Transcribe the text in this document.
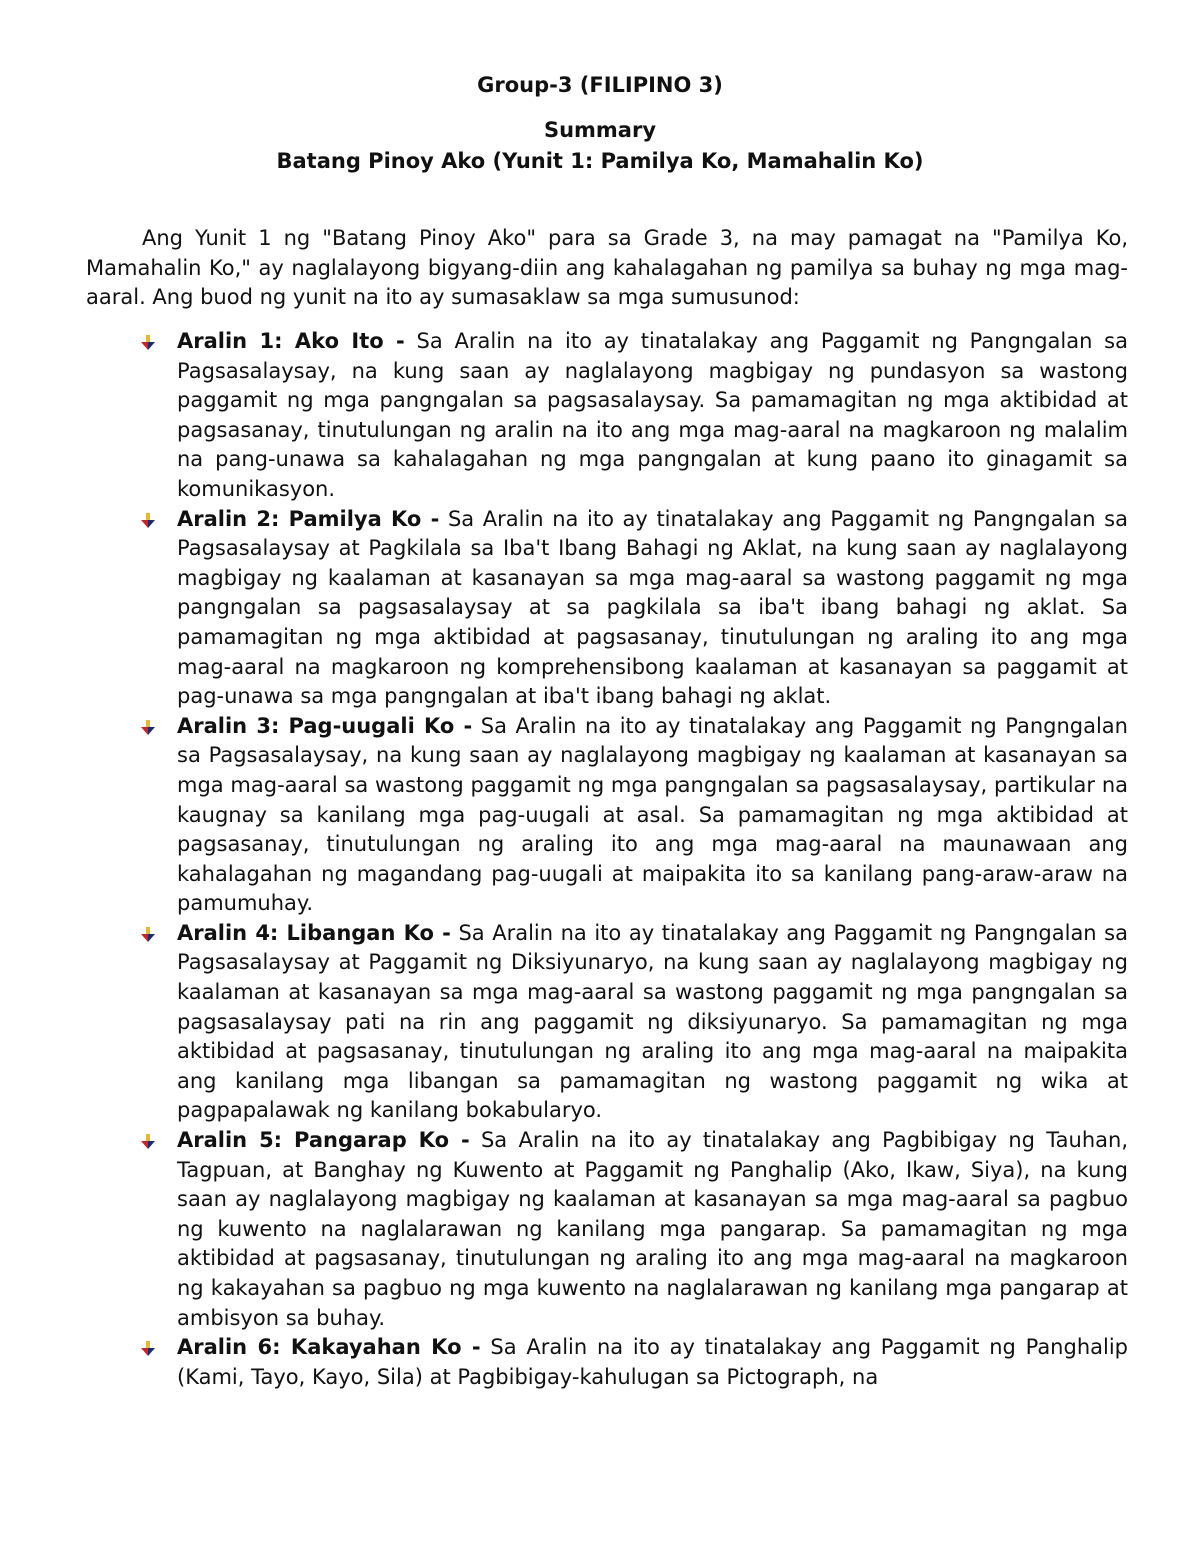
Group-3 (FILIPINO 3)
Summary
Batang Pinoy Ako (Yunit 1: Pamilya Ko, Mamahalin Ko)

Ang Yunit 1 ng "Batang Pinoy Ako" para sa Grade 3, na may pamagat na "Pamilya Ko, Mamahalin Ko," ay naglalayong bigyang-diin ang kahalagahan ng pamilya sa buhay ng mga mag-aaral. Ang buod ng yunit na ito ay sumasaklaw sa mga sumusunod:

Aralin 1: Ako Ito - Sa Aralin na ito ay tinatalakay ang Paggamit ng Pangngalan sa Pagsasalaysay, na kung saan ay naglalayong magbigay ng pundasyon sa wastong paggamit ng mga pangngalan sa pagsasalaysay. Sa pamamagitan ng mga aktibidad at pagsasanay, tinutulungan ng aralin na ito ang mga mag-aaral na magkaroon ng malalim na pang-unawa sa kahalagahan ng mga pangngalan at kung paano ito ginagamit sa komunikasyon.
Aralin 2: Pamilya Ko - Sa Aralin na ito ay tinatalakay ang Paggamit ng Pangngalan sa Pagsasalaysay at Pagkilala sa Iba't Ibang Bahagi ng Aklat, na kung saan ay naglalayong magbigay ng kaalaman at kasanayan sa mga mag-aaral sa wastong paggamit ng mga pangngalan sa pagsasalaysay at sa pagkilala sa iba't ibang bahagi ng aklat. Sa pamamagitan ng mga aktibidad at pagsasanay, tinutulungan ng araling ito ang mga mag-aaral na magkaroon ng komprehensibong kaalaman at kasanayan sa paggamit at pag-unawa sa mga pangngalan at iba't ibang bahagi ng aklat.
Aralin 3: Pag-uugali Ko - Sa Aralin na ito ay tinatalakay ang Paggamit ng Pangngalan sa Pagsasalaysay, na kung saan ay naglalayong magbigay ng kaalaman at kasanayan sa mga mag-aaral sa wastong paggamit ng mga pangngalan sa pagsasalaysay, partikular na kaugnay sa kanilang mga pag-uugali at asal. Sa pamamagitan ng mga aktibidad at pagsasanay, tinutulungan ng araling ito ang mga mag-aaral na maunawaan ang kahalagahan ng magandang pag-uugali at maipakita ito sa kanilang pang-araw-araw na pamumuhay.
Aralin 4: Libangan Ko - Sa Aralin na ito ay tinatalakay ang Paggamit ng Pangngalan sa Pagsasalaysay at Paggamit ng Diksiyunaryo, na kung saan ay naglalayong magbigay ng kaalaman at kasanayan sa mga mag-aaral sa wastong paggamit ng mga pangngalan sa pagsasalaysay pati na rin ang paggamit ng diksiyunaryo. Sa pamamagitan ng mga aktibidad at pagsasanay, tinutulungan ng araling ito ang mga mag-aaral na maipakita ang kanilang mga libangan sa pamamagitan ng wastong paggamit ng wika at pagpapalawak ng kanilang bokabularyo.
Aralin 5: Pangarap Ko - Sa Aralin na ito ay tinatalakay ang Pagbibigay ng Tauhan, Tagpuan, at Banghay ng Kuwento at Paggamit ng Panghalip (Ako, Ikaw, Siya), na kung saan ay naglalayong magbigay ng kaalaman at kasanayan sa mga mag-aaral sa pagbuo ng kuwento na naglalarawan ng kanilang mga pangarap. Sa pamamagitan ng mga aktibidad at pagsasanay, tinutulungan ng araling ito ang mga mag-aaral na magkaroon ng kakayahan sa pagbuo ng mga kuwento na naglalarawan ng kanilang mga pangarap at ambisyon sa buhay.
Aralin 6: Kakayahan Ko - Sa Aralin na ito ay tinatalakay ang Paggamit ng Panghalip (Kami, Tayo, Kayo, Sila) at Pagbibigay-kahulugan sa Pictograph, na
